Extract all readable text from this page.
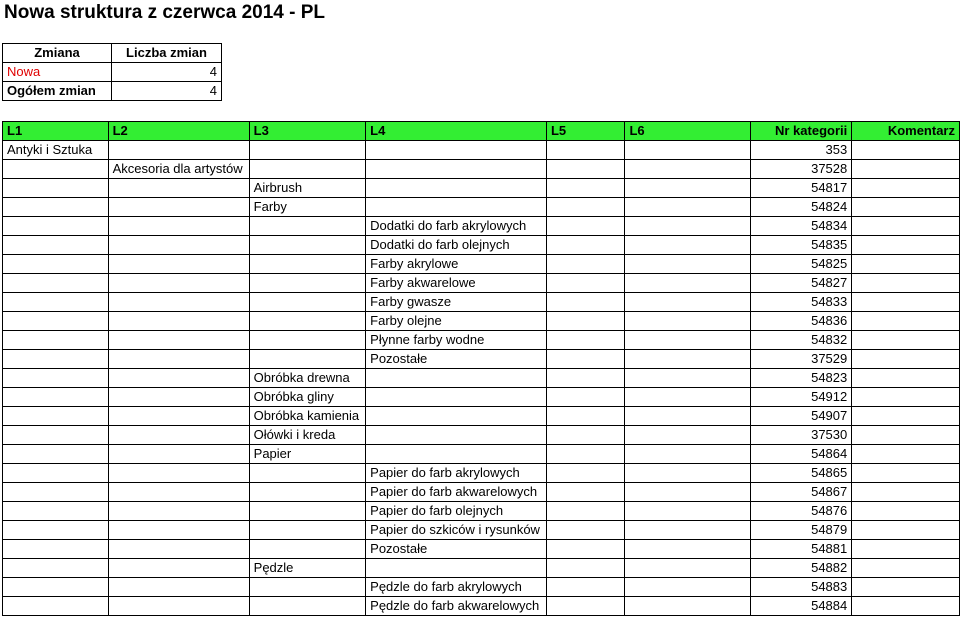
Nowa struktura z czerwca 2014 - PL
Zmiana	Liczba zmian
Nowa	4
Ogółem zmian	4
L1	L2	L3	L4	L5	L6	Nr kategorii	Komentarz
Antyki i Sztuka						353	
	Akcesoria dla artystów					37528	
		Airbrush				54817	
		Farby				54824	
			Dodatki do farb akrylowych			54834	
			Dodatki do farb olejnych			54835	
			Farby akrylowe			54825	
			Farby akwarelowe			54827	
			Farby gwasze			54833	
			Farby olejne			54836	
			Płynne farby wodne			54832	
			Pozostałe			37529	
		Obróbka drewna				54823	
		Obróbka gliny				54912	
		Obróbka kamienia				54907	
		Ołówki i kreda				37530	
		Papier				54864	
			Papier do farb akrylowych			54865	
			Papier do farb akwarelowych			54867	
			Papier do farb olejnych			54876	
			Papier do szkiców i rysunków			54879	
			Pozostałe			54881	
		Pędzle				54882	
			Pędzle do farb akrylowych			54883	
			Pędzle do farb akwarelowych			54884	
